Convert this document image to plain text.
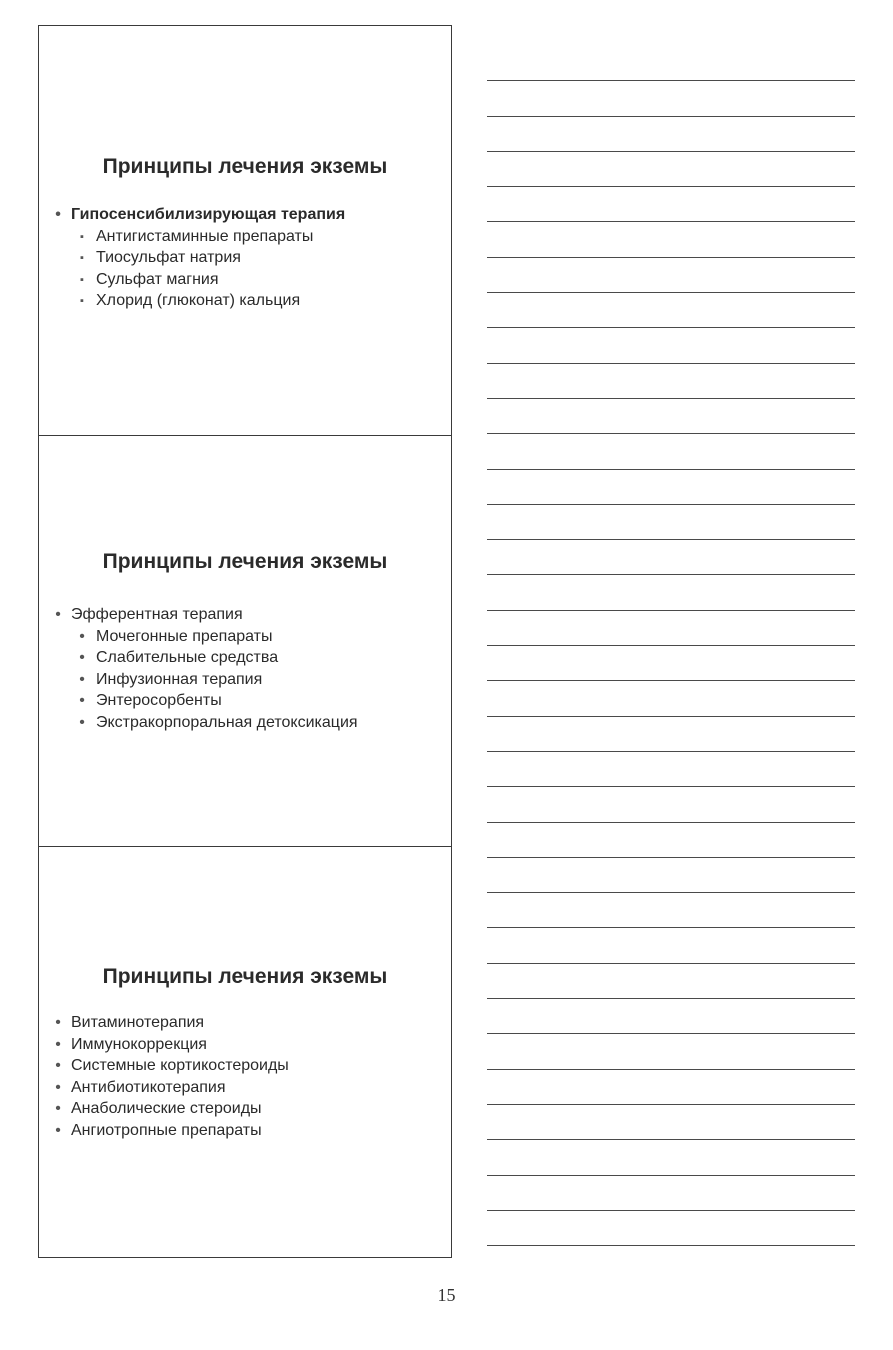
Принципы лечения экземы
• Гипосенсибилизирующая терапия
▪ Антигистаминные препараты
▪ Тиосульфат натрия
▪ Сульфат магния
▪ Хлорид (глюконат) кальция
Принципы лечения экземы
• Эфферентная терапия
• Мочегонные препараты
• Слабительные средства
• Инфузионная терапия
• Энтеросорбенты
• Экстракорпоральная детоксикация
Принципы лечения экземы
• Витаминотерапия
• Иммунокоррекция
• Системные кортикостероиды
• Антибиотикотерапия
• Анаболические стероиды
• Ангиотропные препараты
15
